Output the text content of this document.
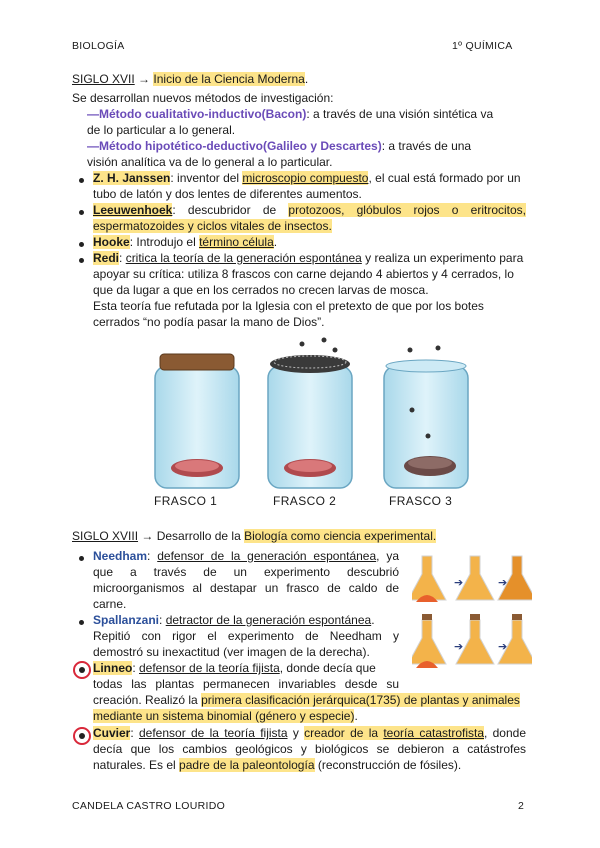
BIOLOGÍA	1º QUÍMICA
SIGLO XVII → Inicio de la Ciencia Moderna.
Se desarrollan nuevos métodos de investigación:
—Método cualitativo-inductivo(Bacon): a través de una visión sintética va
de lo particular a lo general.
—Método hipotético-deductivo(Galileo y Descartes): a través de una
visión analítica va de lo general a lo particular.
Z. H. Janssen: inventor del microscopio compuesto, el cual está formado por un
tubo de latón y dos lentes de diferentes aumentos.
Leeuwenhoek: descubridor de protozoos, glóbulos rojos o eritrocitos,
espermatozoides y ciclos vitales de insectos.
Hooke: Introdujo el término célula.
Redi: critica la teoría de la generación espontánea y realiza un experimento para
apoyar su crítica: utiliza 8 frascos con carne dejando 4 abiertos y 4 cerrados, lo
que da lugar a que en los cerrados no crecen larvas de mosca.
Esta teoría fue refutada por la Iglesia con el pretexto de que por los botes
cerrados “no podía pasar la mano de Dios”.
FRASCO 1	FRASCO 2	FRASCO 3
SIGLO XVIII → Desarrollo de la Biología como ciencia experimental.
Needham: defensor de la generación espontánea, ya
que a través de un experimento descubrió
microorganismos al destapar un frasco de caldo de
carne.
Spallanzani: detractor de la generación espontánea.
Repitió con rigor el experimento de Needham y
demostró su inexactitud (ver imagen de la derecha).
Linneo: defensor de la teoría fijista, donde decía que
todas las plantas permanecen invariables desde su
creación. Realizó la primera clasificación jerárquica(1735) de plantas y animales
mediante un sistema binomial (género y especie).
Cuvier: defensor de la teoría fijista y creador de la teoría catastrofista, donde
decía que los cambios geológicos y biológicos se debieron a catástrofes
naturales. Es el padre de la paleontología (reconstrucción de fósiles).
➔	➔
➔	➔
CANDELA CASTRO LOURIDO	2
